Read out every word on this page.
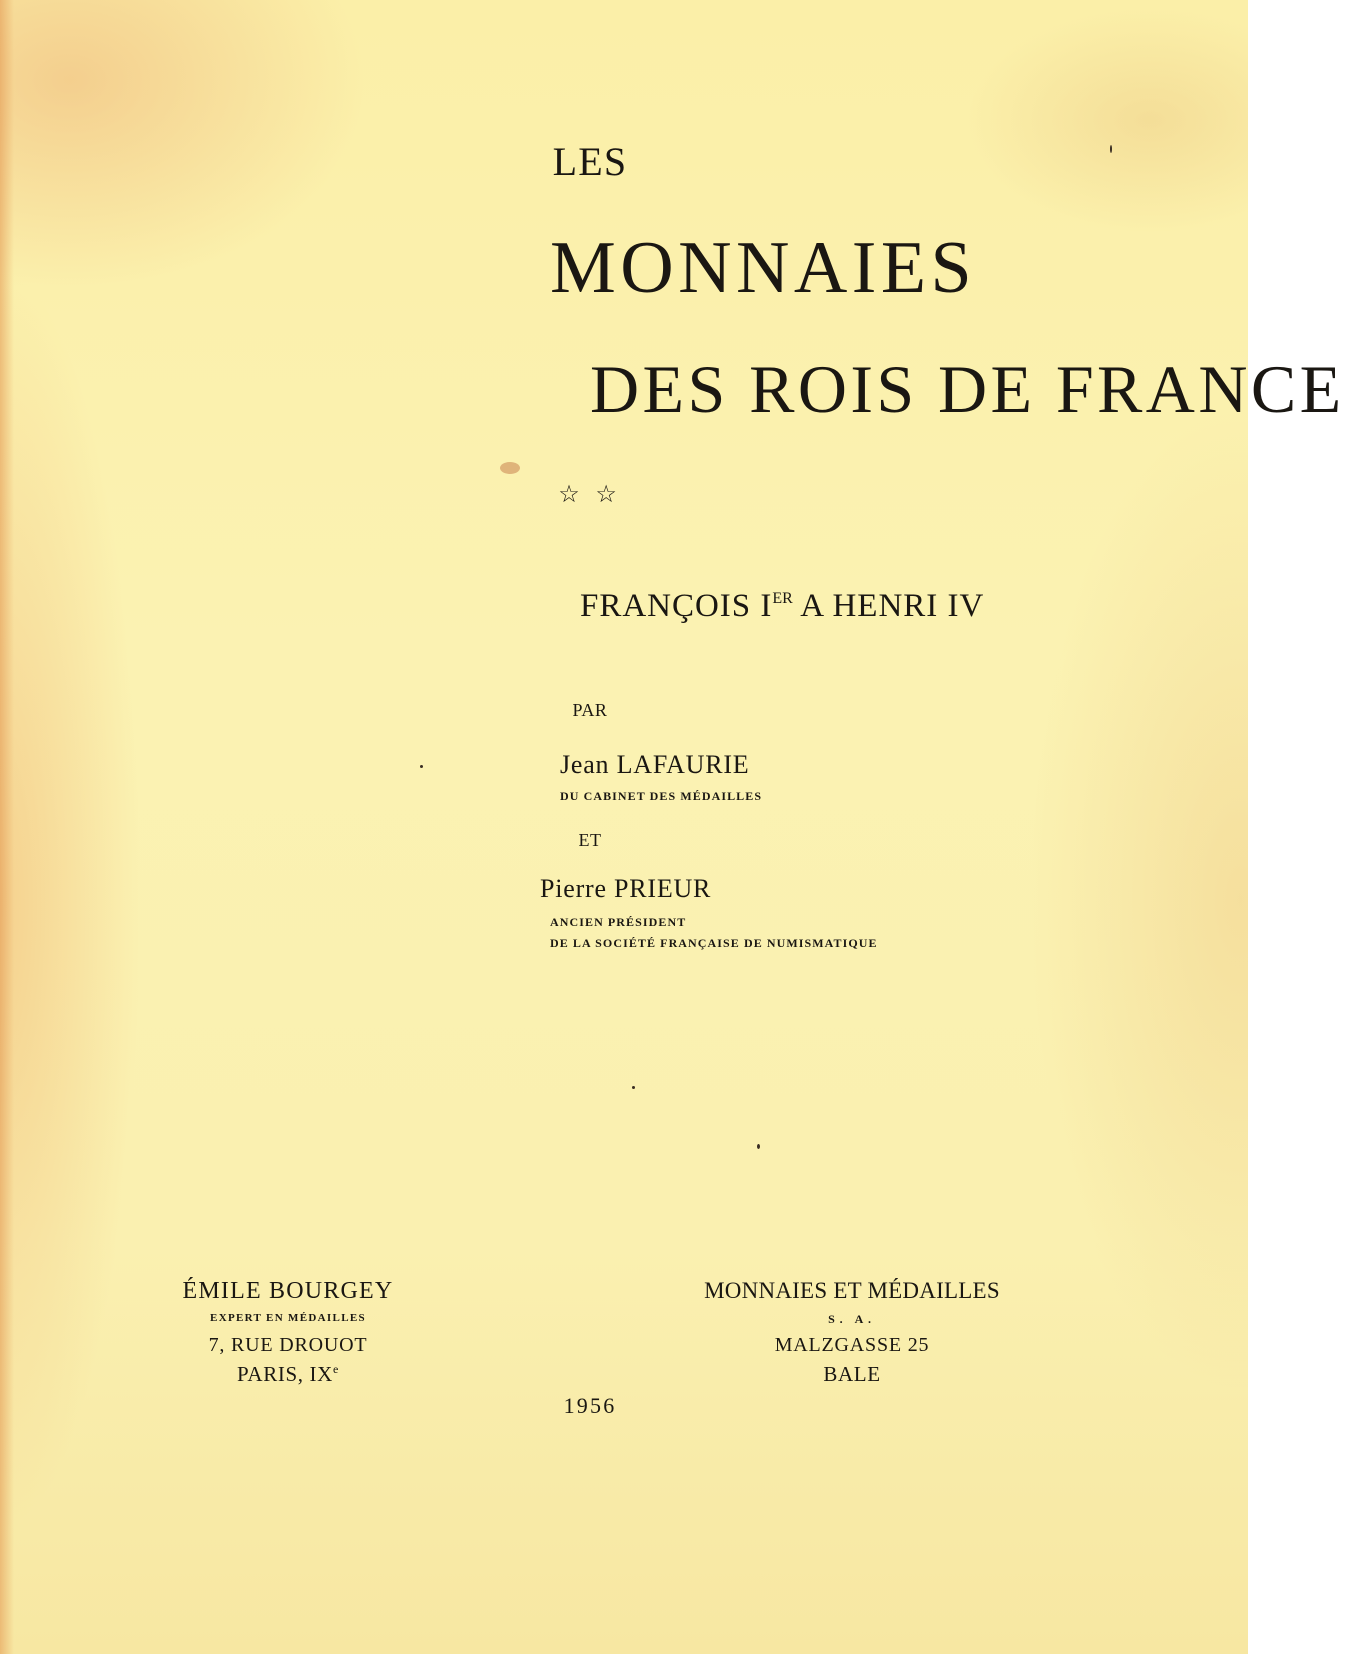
LES
MONNAIES
DES ROIS DE FRANCE
☆ ☆
FRANÇOIS IER A HENRI IV
PAR
Jean LAFAURIE
DU CABINET DES MÉDAILLES
ET
Pierre PRIEUR
ANCIEN PRÉSIDENT
DE LA SOCIÉTÉ FRANÇAISE DE NUMISMATIQUE
ÉMILE BOURGEY
EXPERT EN MÉDAILLES
7, RUE DROUOT
PARIS, IXe
MONNAIES ET MÉDAILLES
S. A.
MALZGASSE 25
BALE
1956
